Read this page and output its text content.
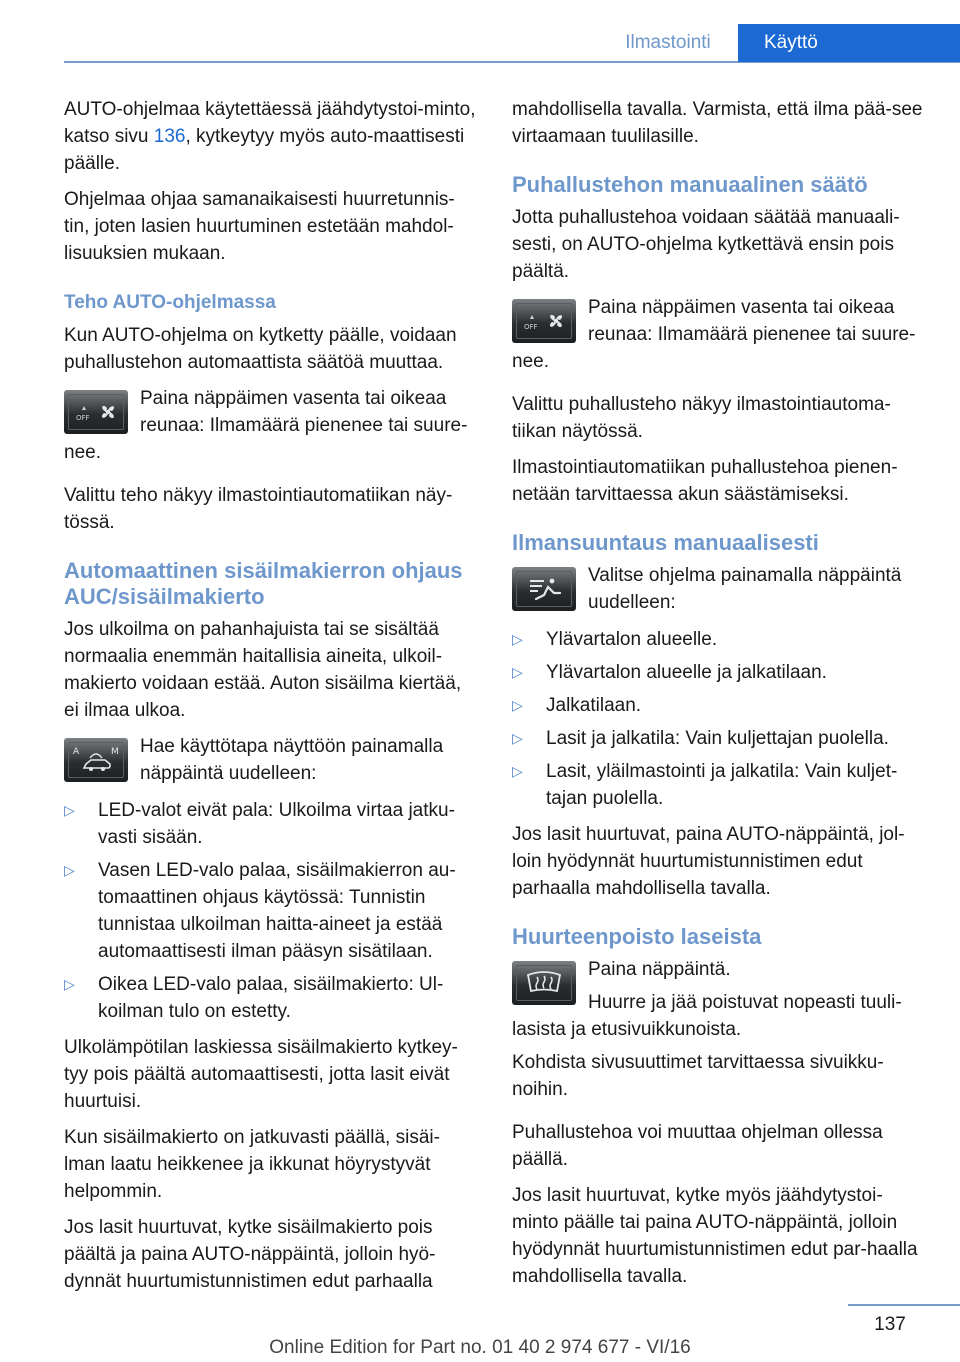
Ilmastointi	Käyttö

AUTO-ohjelmaa käytettäessä jäähdytystoi-minto, katso sivu 136, kytkeytyy myös auto-maattisesti päälle.

Ohjelmaa ohjaa samanaikaisesti huurretunnis-tin, joten lasien huurtuminen estetään mahdol-lisuuksien mukaan.

Teho AUTO-ohjelmassa

Kun AUTO-ohjelma on kytketty päälle, voidaan puhallustehon automaattista säätöä muuttaa.

OFF
Paina näppäimen vasenta tai oikeaa reunaa: Ilmamäärä pienenee tai suure-nee.

Valittu teho näkyy ilmastointiautomatiikan näy-tössä.

Automaattinen sisäilmakierron ohjaus AUC/sisäilmakierto

Jos ulkoilma on pahanhajuista tai se sisältää normaalia enemmän haitallisia aineita, ulkoil-makierto voidaan estää. Auton sisäilma kiertää, ei ilmaa ulkoa.

A	M Hae käyttötapa näyttöön painamalla näppäintä uudelleen:
▷ LED-valot eivät pala: Ulkoilma virtaa jatku-vasti sisään.
▷ Vasen LED-valo palaa, sisäilmakierron au-tomaattinen ohjaus käytössä: Tunnistin tunnistaa ulkoilman haitta-aineet ja estää automaattisesti ilman pääsyn sisätilaan.
▷ Oikea LED-valo palaa, sisäilmakierto: Ul-koilman tulo on estetty.

Ulkolämpötilan laskiessa sisäilmakierto kytkey-tyy pois päältä automaattisesti, jotta lasit eivät huurtuisi.

Kun sisäilmakierto on jatkuvasti päällä, sisäi-lman laatu heikkenee ja ikkunat höyrystyvät helpommin.

Jos lasit huurtuvat, kytke sisäilmakierto pois päältä ja paina AUTO-näppäintä, jolloin hyö-dynnät huurtumistunnistimen edut parhaalla

mahdollisella tavalla. Varmista, että ilma pää-see virtaamaan tuulilasille.

Puhallustehon manuaalinen säätö

Jotta puhallustehoa voidaan säätää manuaali-sesti, on AUTO-ohjelma kytkettävä ensin pois päältä.

OFF
Paina näppäimen vasenta tai oikeaa reunaa: Ilmamäärä pienenee tai suure-nee.

Valittu puhallusteho näkyy ilmastointiautoma-tiikan näytössä.

Ilmastointiautomatiikan puhallustehoa pienen-netään tarvittaessa akun säästämiseksi.

Ilmansuuntaus manuaalisesti
Valitse ohjelma painamalla näppäintä uudelleen:
▷ Ylävartalon alueelle.
▷ Ylävartalon alueelle ja jalkatilaan.
▷ Jalkatilaan.
▷ Lasit ja jalkatila: Vain kuljettajan puolella.
▷ Lasit, yläilmastointi ja jalkatila: Vain kuljet-tajan puolella.

Jos lasit huurtuvat, paina AUTO-näppäintä, jol-loin hyödynnät huurtumistunnistimen edut parhaalla mahdollisella tavalla.

Huurteenpoisto laseista
Paina näppäintä.
Huurre ja jää poistuvat nopeasti tuuli-lasista ja etusivuikkunoista.

Kohdista sivusuuttimet tarvittaessa sivuikku-noihin.

Puhallustehoa voi muuttaa ohjelman ollessa päällä.

Jos lasit huurtuvat, kytke myös jäähdytystoi-minto päälle tai paina AUTO-näppäintä, jolloin hyödynnät huurtumistunnistimen edut par-haalla mahdollisella tavalla.

137
Online Edition for Part no. 01 40 2 974 677 - VI/16
